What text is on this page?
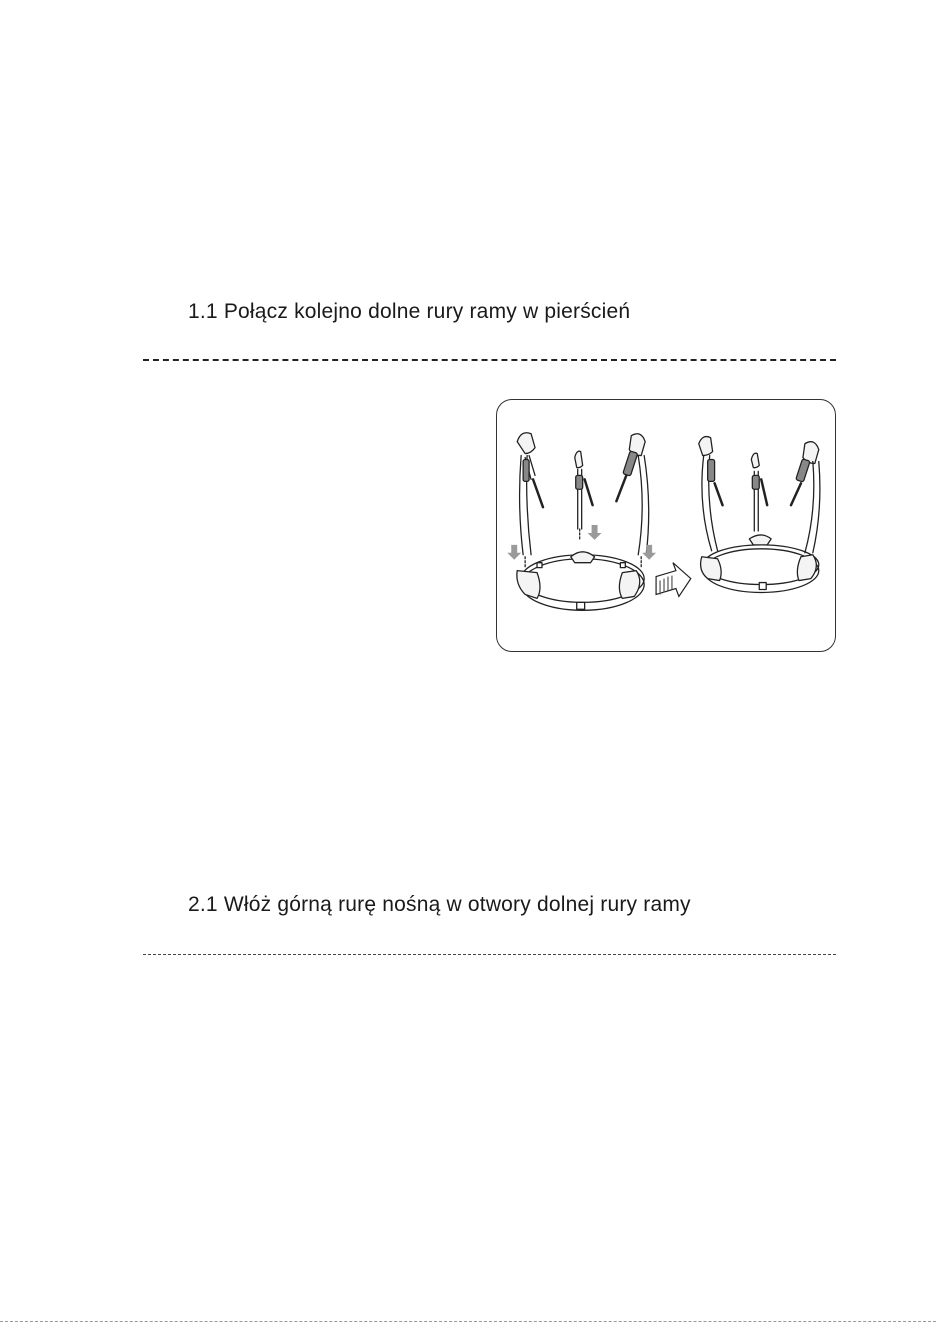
1.1 Połącz kolejno dolne rury ramy w pierścień
2.1 Włóż górną rurę nośną w otwory dolnej rury ramy
